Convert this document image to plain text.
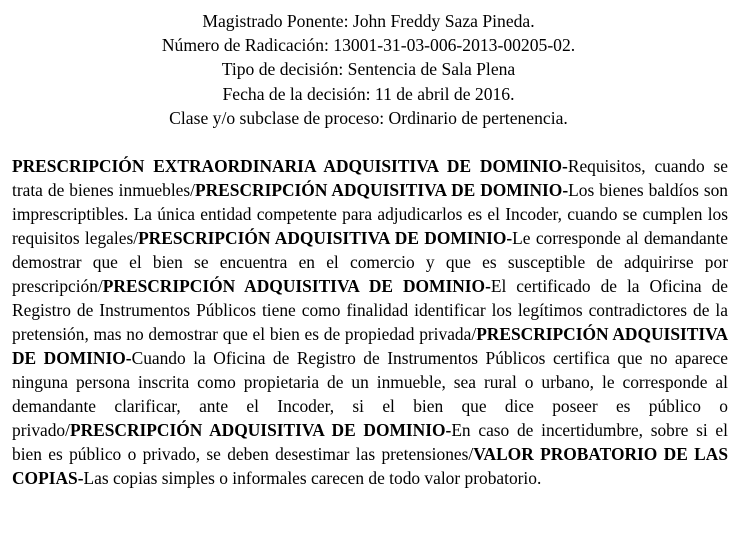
Magistrado Ponente: John Freddy Saza Pineda.
Número de Radicación: 13001-31-03-006-2013-00205-02.
Tipo de decisión: Sentencia de Sala Plena
Fecha de la decisión: 11 de abril de 2016.
Clase y/o subclase de proceso: Ordinario de pertenencia.
PRESCRIPCIÓN EXTRAORDINARIA ADQUISITIVA DE DOMINIO-Requisitos, cuando se trata de bienes inmuebles/PRESCRIPCIÓN ADQUISITIVA DE DOMINIO-Los bienes baldíos son imprescriptibles. La única entidad competente para adjudicarlos es el Incoder, cuando se cumplen los requisitos legales/PRESCRIPCIÓN ADQUISITIVA DE DOMINIO-Le corresponde al demandante demostrar que el bien se encuentra en el comercio y que es susceptible de adquirirse por prescripción/PRESCRIPCIÓN ADQUISITIVA DE DOMINIO-El certificado de la Oficina de Registro de Instrumentos Públicos tiene como finalidad identificar los legítimos contradictores de la pretensión, mas no demostrar que el bien es de propiedad privada/PRESCRIPCIÓN ADQUISITIVA DE DOMINIO-Cuando la Oficina de Registro de Instrumentos Públicos certifica que no aparece ninguna persona inscrita como propietaria de un inmueble, sea rural o urbano, le corresponde al demandante clarificar, ante el Incoder, si el bien que dice poseer es público o privado/PRESCRIPCIÓN ADQUISITIVA DE DOMINIO-En caso de incertidumbre, sobre si el bien es público o privado, se deben desestimar las pretensiones/VALOR PROBATORIO DE LAS COPIAS-Las copias simples o informales carecen de todo valor probatorio.
